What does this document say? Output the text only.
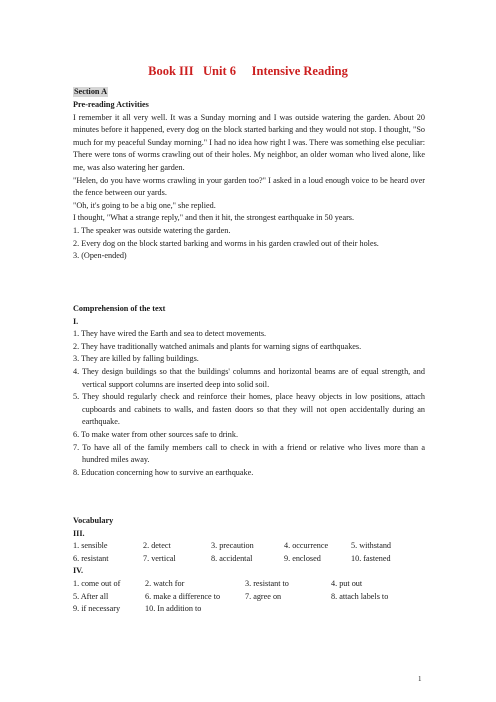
Book III   Unit 6     Intensive Reading
Section A

Pre-reading Activities

I remember it all very well. It was a Sunday morning and I was outside watering the garden. About 20 minutes before it happened, every dog on the block started barking and they would not stop. I thought, "So much for my peaceful Sunday morning." I had no idea how right I was. There was something else peculiar: There were tons of worms crawling out of their holes. My neighbor, an older woman who lived alone, like me, was also watering her garden.

"Helen, do you have worms crawling in your garden too?" I asked in a loud enough voice to be heard over the fence between our yards.

"Oh, it's going to be a big one," she replied.

I thought, "What a strange reply," and then it hit, the strongest earthquake in 50 years.

1. The speaker was outside watering the garden.

2. Every dog on the block started barking and worms in his garden crawled out of their holes.

3. (Open-ended)

Comprehension of the text

I.

1. They have wired the Earth and sea to detect movements.

2. They have traditionally watched animals and plants for warning signs of earthquakes.

3. They are killed by falling buildings.

4. They design buildings so that the buildings' columns and horizontal beams are of equal strength, and vertical support columns are inserted deep into solid soil.

5. They should regularly check and reinforce their homes, place heavy objects in low positions, attach cupboards and cabinets to walls, and fasten doors so that they will not open accidentally during an earthquake.

6. To make water from other sources safe to drink.

7. To have all of the family members call to check in with a friend or relative who lives more than a hundred miles away.

8. Education concerning how to survive an earthquake.

Vocabulary

III.

1. sensible	2. detect	3. precaution	4. occurrence	5. withstand
6. resistant	7. vertical	8. accidental	9. enclosed	10. fastened

IV.

1. come out of	2. watch for	3. resistant to	4. put out
5. After all	6. make a difference to	7. agree on	8. attach labels to
9. if necessary	10. In addition to
1
